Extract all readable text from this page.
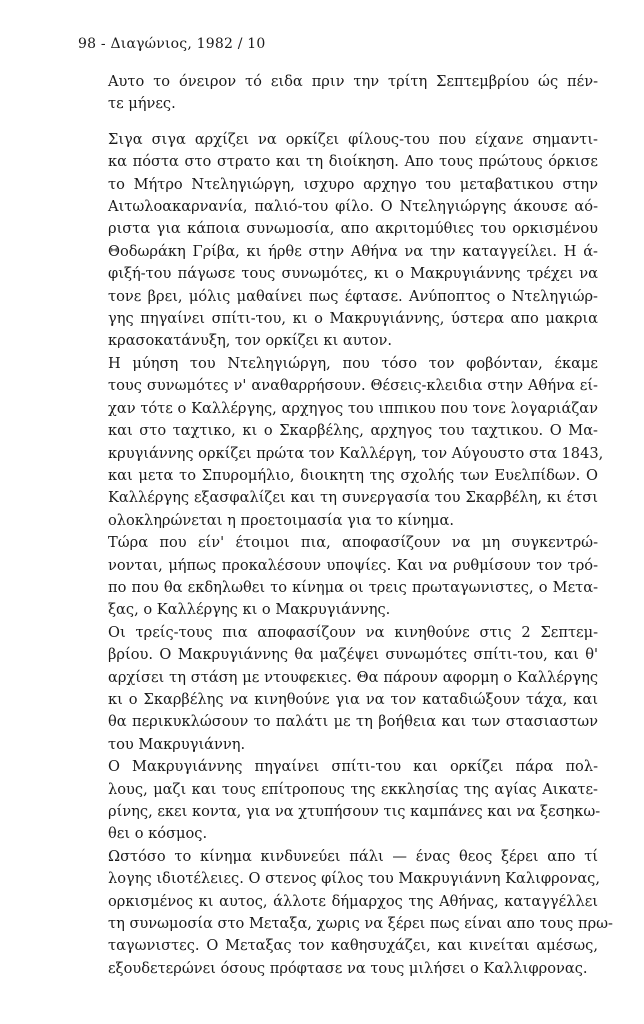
98 - Διαγώνιος, 1982 / 10
Αυτο το όνειρον τό ειδα πριν την τρίτη Σεπτεμβρίου ώς πέν-
τε μήνες.
Σιγα σιγα αρχίζει να ορκίζει φίλους-του που είχανε σημαντι-
κα πόστα στο στρατο και τη διοίκηση. Απο τους πρώτους όρκισε
το Μήτρο Ντεληγιώργη, ισχυρο αρχηγο του μεταβατικου στην
Αιτωλοακαρνανία, παλιό-του φίλο. Ο Ντεληγιώργης άκουσε αό-
ριστα για κάποια συνωμοσία, απο ακριτομύθιες του ορκισμένου
Θοδωράκη Γρίβα, κι ήρθε στην Αθήνα να την καταγγείλει. Η ά-
φιξή-του πάγωσε τους συνωμότες, κι ο Μακρυγιάννης τρέχει να
τονε βρει, μόλις μαθαίνει πως έφτασε. Ανύποπτος ο Ντεληγιώρ-
γης πηγαίνει σπίτι-του, κι ο Μακρυγιάννης, ύστερα απο μακρια
κρασοκατάνυξη, τον ορκίζει κι αυτον.
Η μύηση του Ντεληγιώργη, που τόσο τον φοβόνταν, έκαμε
τους συνωμότες ν' αναθαρρήσουν. Θέσεις-κλειδια στην Αθήνα εί-
χαν τότε ο Καλλέργης, αρχηγος του ιππικου που τονε λογαριάζαν
και στο ταχτικο, κι ο Σκαρβέλης, αρχηγος του ταχτικου. Ο Μα-
κρυγιάννης ορκίζει πρώτα τον Καλλέργη, τον Αύγουστο στα 1843,
και μετα το Σπυρομήλιο, διοικητη της σχολής των Ευελπίδων. Ο
Καλλέργης εξασφαλίζει και τη συνεργασία του Σκαρβέλη, κι έτσι
ολοκληρώνεται η προετοιμασία για το κίνημα.
Τώρα που είν' έτοιμοι πια, αποφασίζουν να μη συγκεντρώ-
νονται, μήπως προκαλέσουν υποψίες. Και να ρυθμίσουν τον τρό-
πο που θα εκδηλωθει το κίνημα οι τρεις πρωταγωνιστες, ο Μετα-
ξας, ο Καλλέργης κι ο Μακρυγιάννης.
Οι τρείς-τους πια αποφασίζουν να κινηθούνε στις 2 Σεπτεμ-
βρίου. Ο Μακρυγιάννης θα μαζέψει συνωμότες σπίτι-του, και θ'
αρχίσει τη στάση με ντουφεκιες. Θα πάρουν αφορμη ο Καλλέργης
κι ο Σκαρβέλης να κινηθούνε για να τον καταδιώξουν τάχα, και
θα περικυκλώσουν το παλάτι με τη βοήθεια και των στασιαστων
του Μακρυγιάννη.
Ο Μακρυγιάννης πηγαίνει σπίτι-του και ορκίζει πάρα πολ-
λους, μαζι και τους επίτροπους της εκκλησίας της αγίας Αικατε-
ρίνης, εκει κοντα, για να χτυπήσουν τις καμπάνες και να ξεσηκω-
θει ο κόσμος.
Ωστόσο το κίνημα κινδυνεύει πάλι — ένας θεος ξέρει απο τί
λογης ιδιοτέλειες. Ο στενος φίλος του Μακρυγιάννη Καλιφρονας,
ορκισμένος κι αυτος, άλλοτε δήμαρχος της Αθήνας, καταγγέλλει
τη συνωμοσία στο Μεταξα, χωρις να ξέρει πως είναι απο τους πρω-
ταγωνιστες. Ο Μεταξας τον καθησυχάζει, και κινείται αμέσως,
εξουδετερώνει όσους πρόφτασε να τους μιλήσει ο Καλλιφρονας.
